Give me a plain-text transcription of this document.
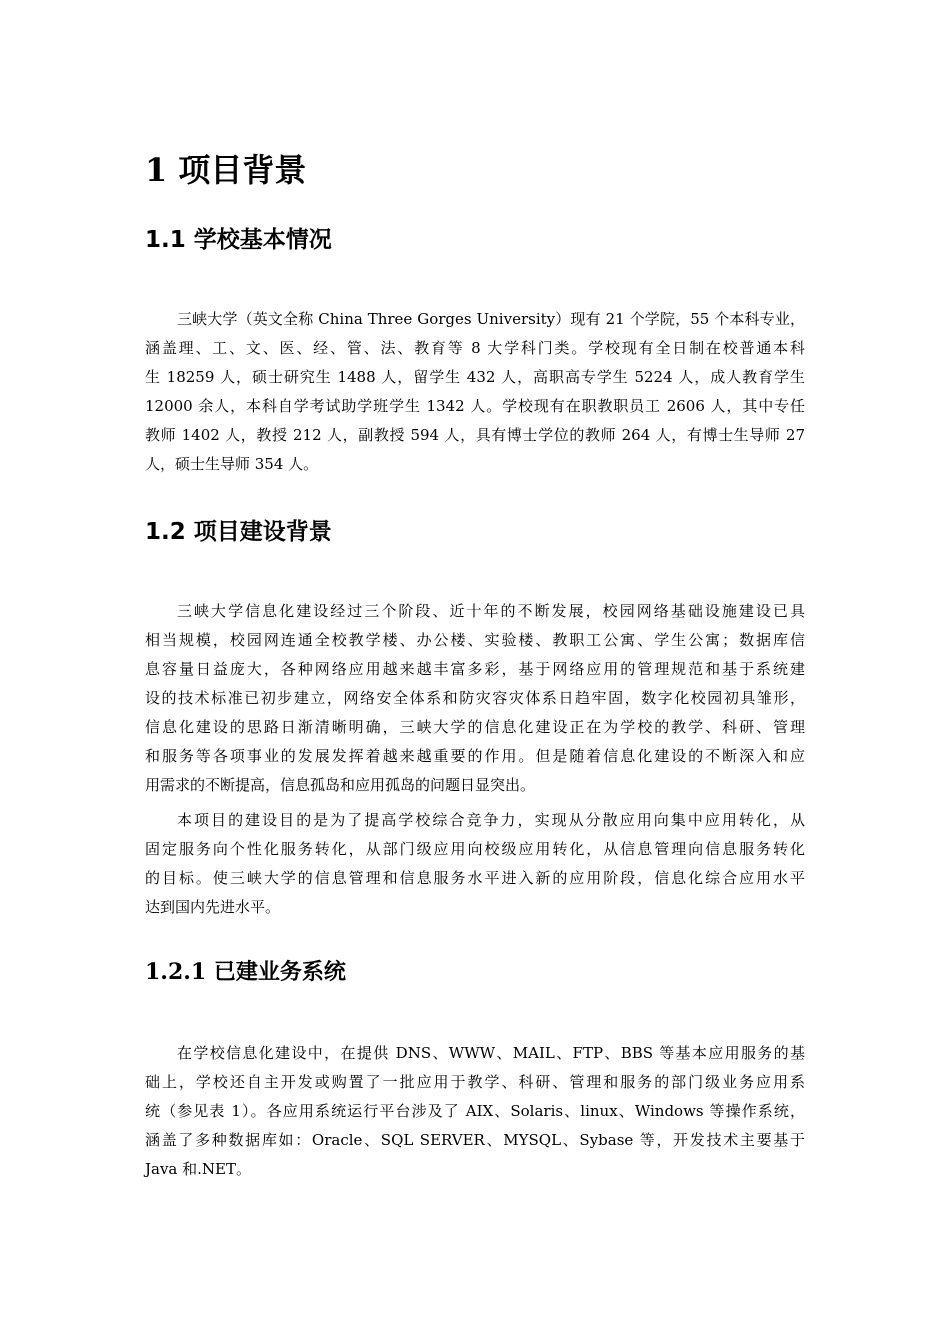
1 项目背景
1.1 学校基本情况
三峡大学（英文全称 China Three Gorges University）现有 21 个学院，55 个本科专业，
涵盖理、工、文、医、经、管、法、教育等 8 大学科门类。学校现有全日制在校普通本科
生 18259 人，硕士研究生 1488 人，留学生 432 人，高职高专学生 5224 人，成人教育学生
12000 余人，本科自学考试助学班学生 1342 人。学校现有在职教职员工 2606 人，其中专任
教师 1402 人，教授 212 人，副教授 594 人，具有博士学位的教师 264 人，有博士生导师 27
人，硕士生导师 354 人。
1.2 项目建设背景
三峡大学信息化建设经过三个阶段、近十年的不断发展，校园网络基础设施建设已具
相当规模，校园网连通全校教学楼、办公楼、实验楼、教职工公寓、学生公寓；数据库信
息容量日益庞大，各种网络应用越来越丰富多彩，基于网络应用的管理规范和基于系统建
设的技术标准已初步建立，网络安全体系和防灾容灾体系日趋牢固，数字化校园初具雏形，
信息化建设的思路日渐清晰明确，三峡大学的信息化建设正在为学校的教学、科研、管理
和服务等各项事业的发展发挥着越来越重要的作用。但是随着信息化建设的不断深入和应
用需求的不断提高，信息孤岛和应用孤岛的问题日显突出。
本项目的建设目的是为了提高学校综合竞争力，实现从分散应用向集中应用转化，从
固定服务向个性化服务转化，从部门级应用向校级应用转化，从信息管理向信息服务转化
的目标。使三峡大学的信息管理和信息服务水平进入新的应用阶段，信息化综合应用水平
达到国内先进水平。
1.2.1 已建业务系统
在学校信息化建设中，在提供 DNS、WWW、MAIL、FTP、BBS 等基本应用服务的基
础上，学校还自主开发或购置了一批应用于教学、科研、管理和服务的部门级业务应用系
统（参见表 1）。各应用系统运行平台涉及了 AIX、Solaris、linux、Windows 等操作系统，
涵盖了多种数据库如：Oracle、SQL SERVER、MYSQL、Sybase 等，开发技术主要基于
Java 和.NET。
